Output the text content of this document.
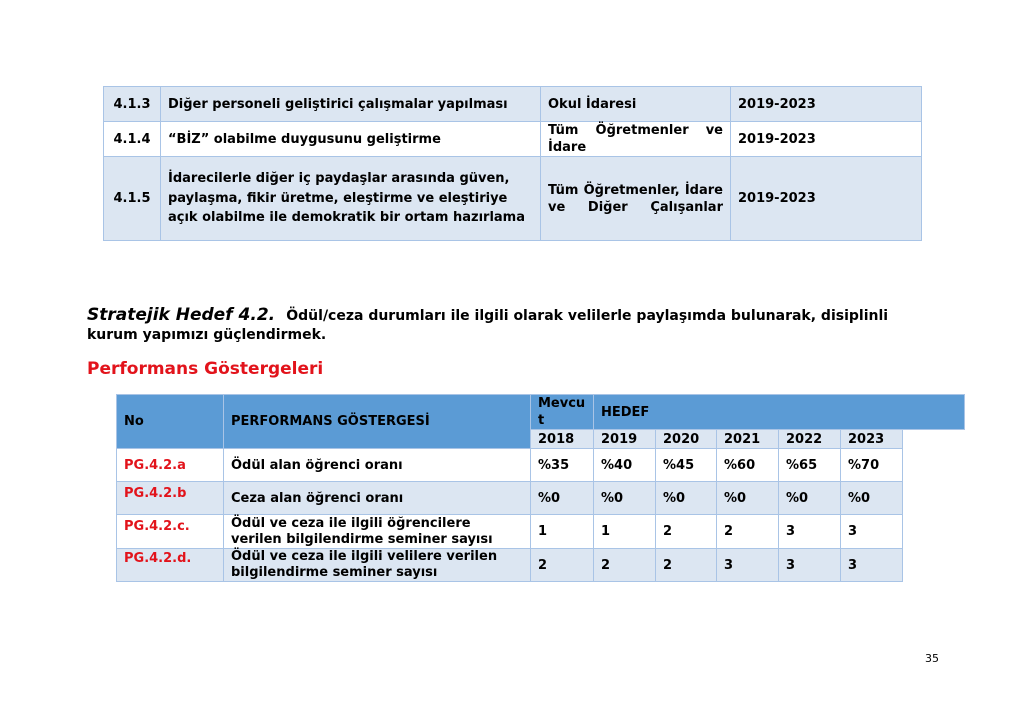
4.1.3	Diğer personeli geliştirici çalışmalar yapılması	Okul İdaresi	2019-2023
4.1.4	“BİZ” olabilme duygusunu geliştirme	Tüm Öğretmenler ve İdare	2019-2023
4.1.5	İdarecilerle diğer iç paydaşlar arasında güven, paylaşma, fikir üretme, eleştirme ve eleştiriye açık olabilme ile demokratik bir ortam hazırlama	Tüm Öğretmenler, İdare ve Diğer Çalışanlar	2019-2023
Stratejik Hedef 4.2. Ödül/ceza durumları ile ilgili olarak velilerle paylaşımda bulunarak, disiplinli kurum yapımızı güçlendirmek.
Performans Göstergeleri
No	PERFORMANS GÖSTERGESİ	Mevcut	HEDEF				
		2018	2019	2020	2021	2022	2023
PG.4.2.a	Ödül alan öğrenci oranı	%35	%40	%45	%60	%65	%70
PG.4.2.b	Ceza alan öğrenci oranı	%0	%0	%0	%0	%0	%0
PG.4.2.c.	Ödül ve ceza ile ilgili öğrencilere verilen bilgilendirme seminer sayısı	1	1	2	2	3	3
PG.4.2.d.	Ödül ve ceza ile ilgili velilere verilen bilgilendirme seminer sayısı	2	2	2	3	3	3
35
